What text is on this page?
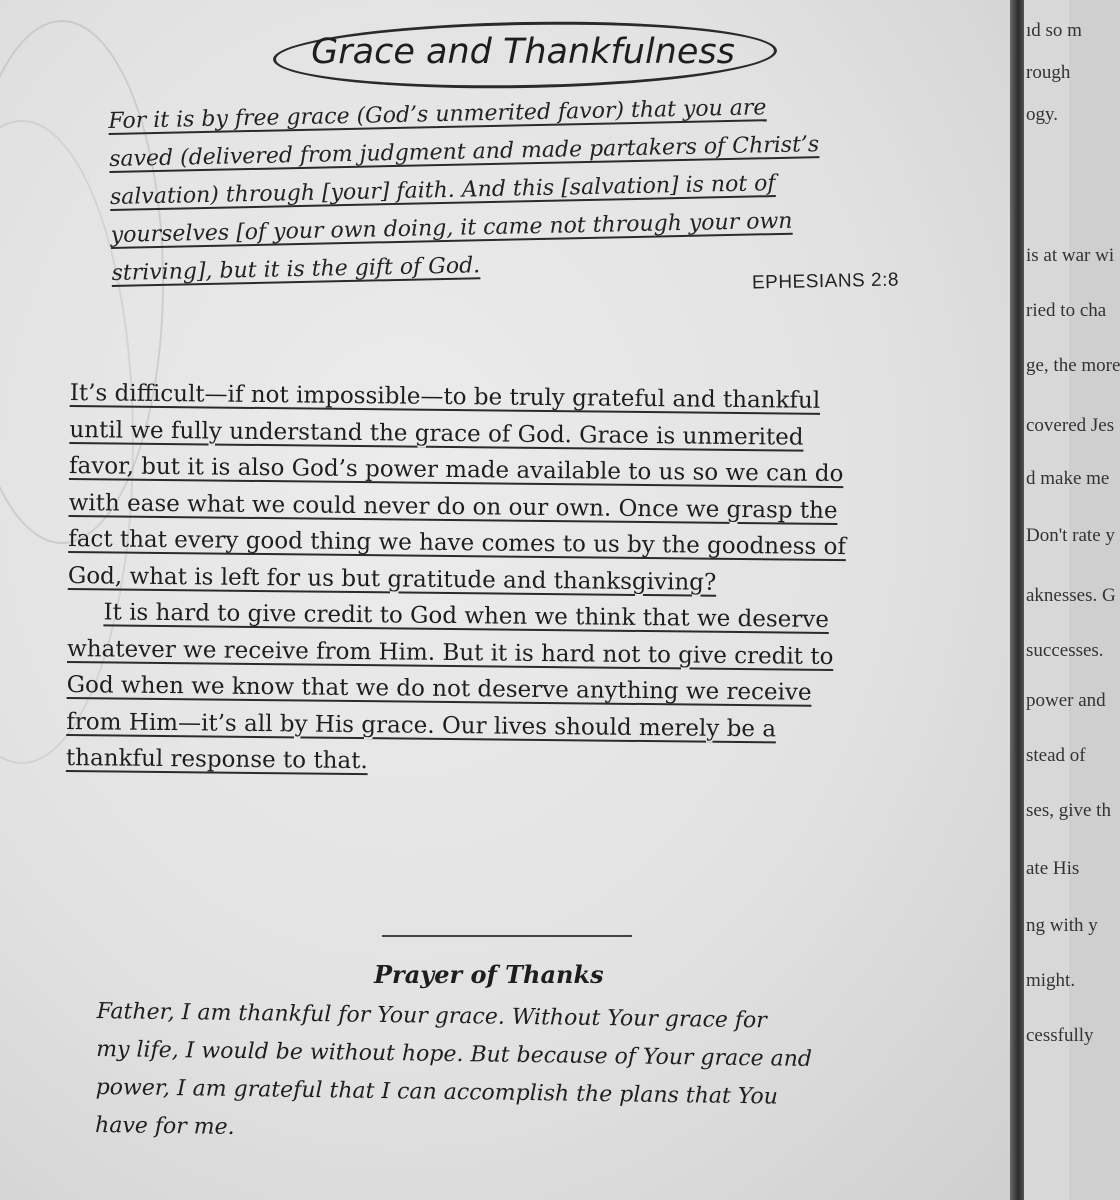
ıd so m
rough
ogy.
is at war wi
ried to cha
ge, the more
covered Jes
d make me
Don't rate y
aknesses. G
successes.
power and
stead of
ses, give th
ate His
ng with y
might.
cessfully
Grace and Thankfulness
For it is by free grace (God’s unmerited favor) that you are
saved (delivered from judgment and made partakers of Christ’s
salvation) through [your] faith. And this [salvation] is not of
yourselves [of your own doing, it came not through your own
striving], but it is the gift of God.	EPHESIANS 2:8
It’s difficult—if not impossible—to be truly grateful and thankful
until we fully understand the grace of God. Grace is unmerited
favor, but it is also God’s power made available to us so we can do
with ease what we could never do on our own. Once we grasp the
fact that every good thing we have comes to us by the goodness of
God, what is left for us but gratitude and thanksgiving?
It is hard to give credit to God when we think that we deserve
whatever we receive from Him. But it is hard not to give credit to
God when we know that we do not deserve anything we receive
from Him—it’s all by His grace. Our lives should merely be a
thankful response to that.
Prayer of Thanks
Father, I am thankful for Your grace. Without Your grace for
my life, I would be without hope. But because of Your grace and
power, I am grateful that I can accomplish the plans that You
have for me.
